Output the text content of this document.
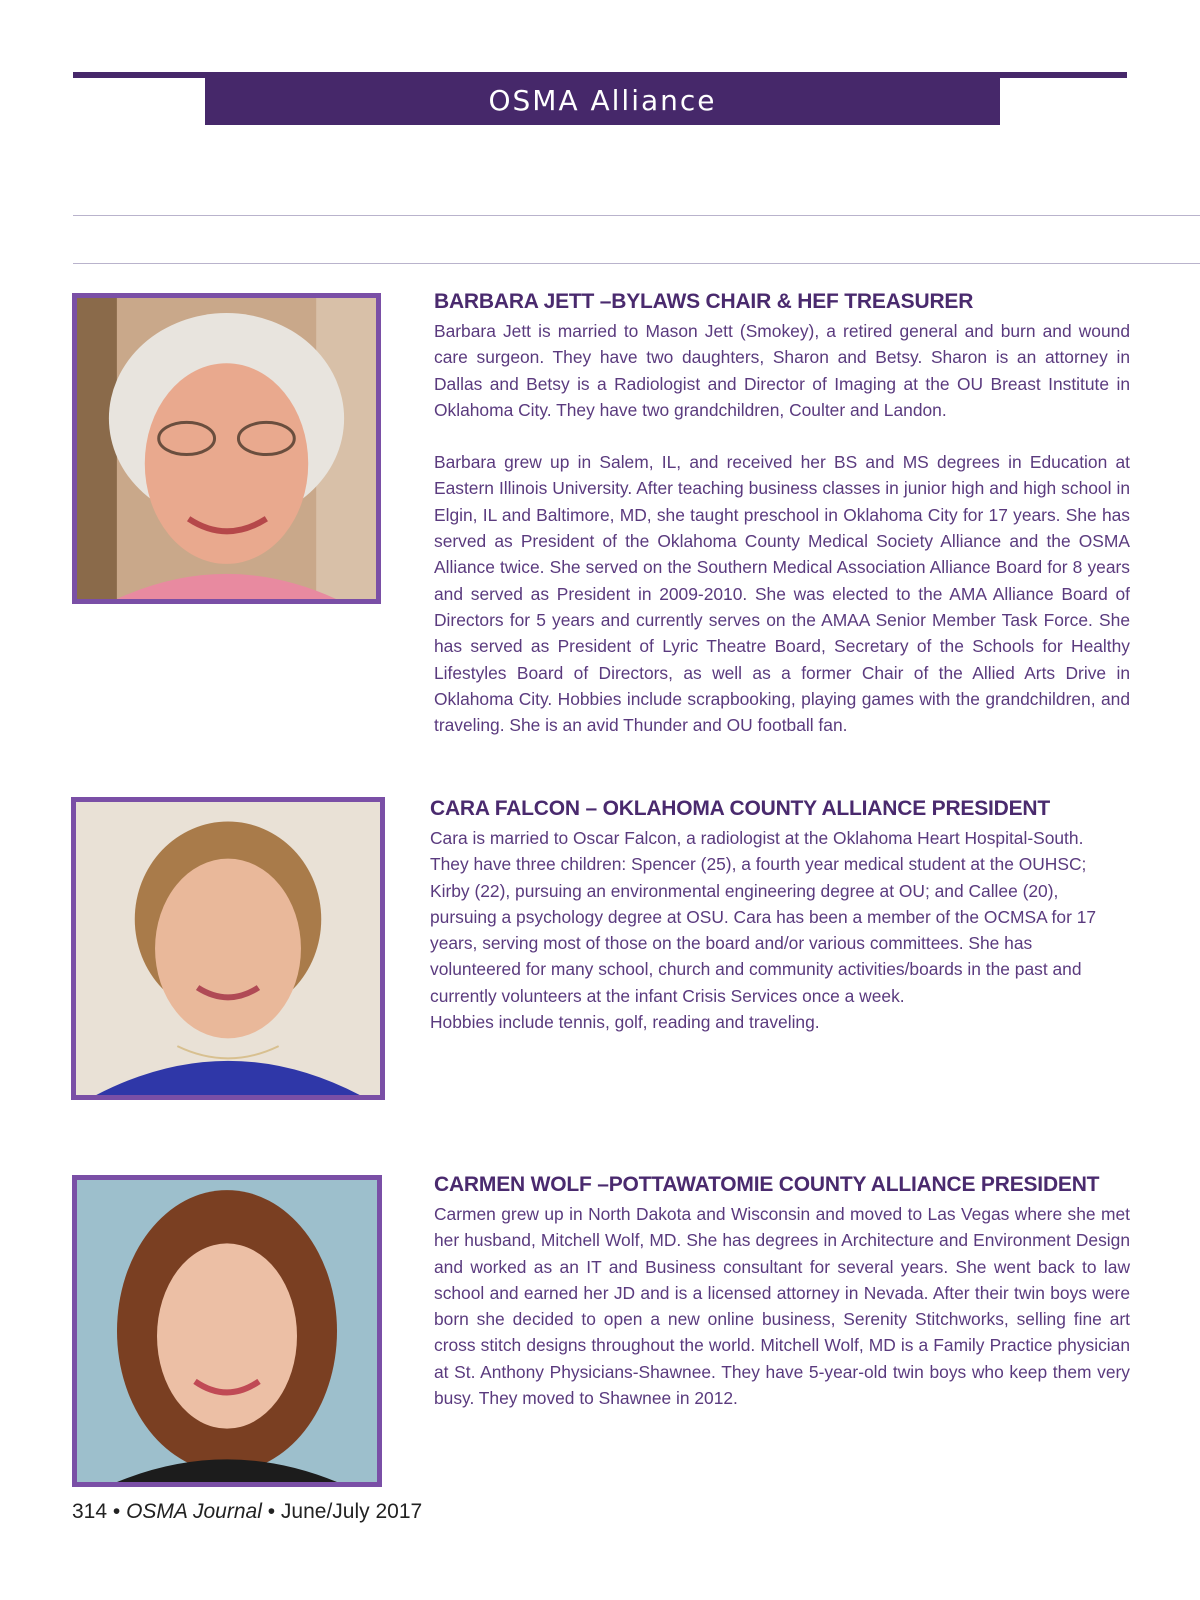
OSMA Alliance
BARBARA JETT –BYLAWS CHAIR & HEF TREASURER

Barbara Jett is married to Mason Jett (Smokey), a retired general and burn and wound care surgeon. They have two daughters, Sharon and Betsy. Sharon is an attorney in Dallas and Betsy is a Radiologist and Director of Imaging at the OU Breast Institute in Oklahoma City. They have two grandchildren, Coulter and Landon.

Barbara grew up in Salem, IL, and received her BS and MS degrees in Education at Eastern Illinois University. After teaching business classes in junior high and high school in Elgin, IL and Baltimore, MD, she taught preschool in Oklahoma City for 17 years. She has served as President of the Oklahoma County Medical Society Alliance and the OSMA Alliance twice. She served on the Southern Medical Association Alliance Board for 8 years and served as President in 2009-2010. She was elected to the AMA Alliance Board of Directors for 5 years and currently serves on the AMAA Senior Member Task Force. She has served as President of Lyric Theatre Board, Secretary of the Schools for Healthy Lifestyles Board of Directors, as well as a former Chair of the Allied Arts Drive in Oklahoma City. Hobbies include scrapbooking, playing games with the grandchildren, and traveling. She is an avid Thunder and OU football fan.

CARA FALCON – OKLAHOMA COUNTY ALLIANCE PRESIDENT

Cara is married to Oscar Falcon, a radiologist at the Oklahoma Heart Hospital-South. They have three children: Spencer (25), a fourth year medical student at the OUHSC; Kirby (22), pursuing an environmental engineering degree at OU; and Callee (20), pursuing a psychology degree at OSU. Cara has been a member of the OCMSA for 17 years, serving most of those on the board and/or various committees. She has volunteered for many school, church and community activities/boards in the past and currently volunteers at the infant Crisis Services once a week.

Hobbies include tennis, golf, reading and traveling.

CARMEN WOLF –POTTAWATOMIE COUNTY ALLIANCE PRESIDENT

Carmen grew up in North Dakota and Wisconsin and moved to Las Vegas where she met her husband, Mitchell Wolf, MD. She has degrees in Architecture and Environment Design and worked as an IT and Business consultant for several years. She went back to law school and earned her JD and is a licensed attorney in Nevada. After their twin boys were born she decided to open a new online business, Serenity Stitchworks, selling fine art cross stitch designs throughout the world. Mitchell Wolf, MD is a Family Practice physician at St. Anthony Physicians-Shawnee. They have 5-year-old twin boys who keep them very busy. They moved to Shawnee in 2012.

314 • OSMA Journal • June/July 2017
